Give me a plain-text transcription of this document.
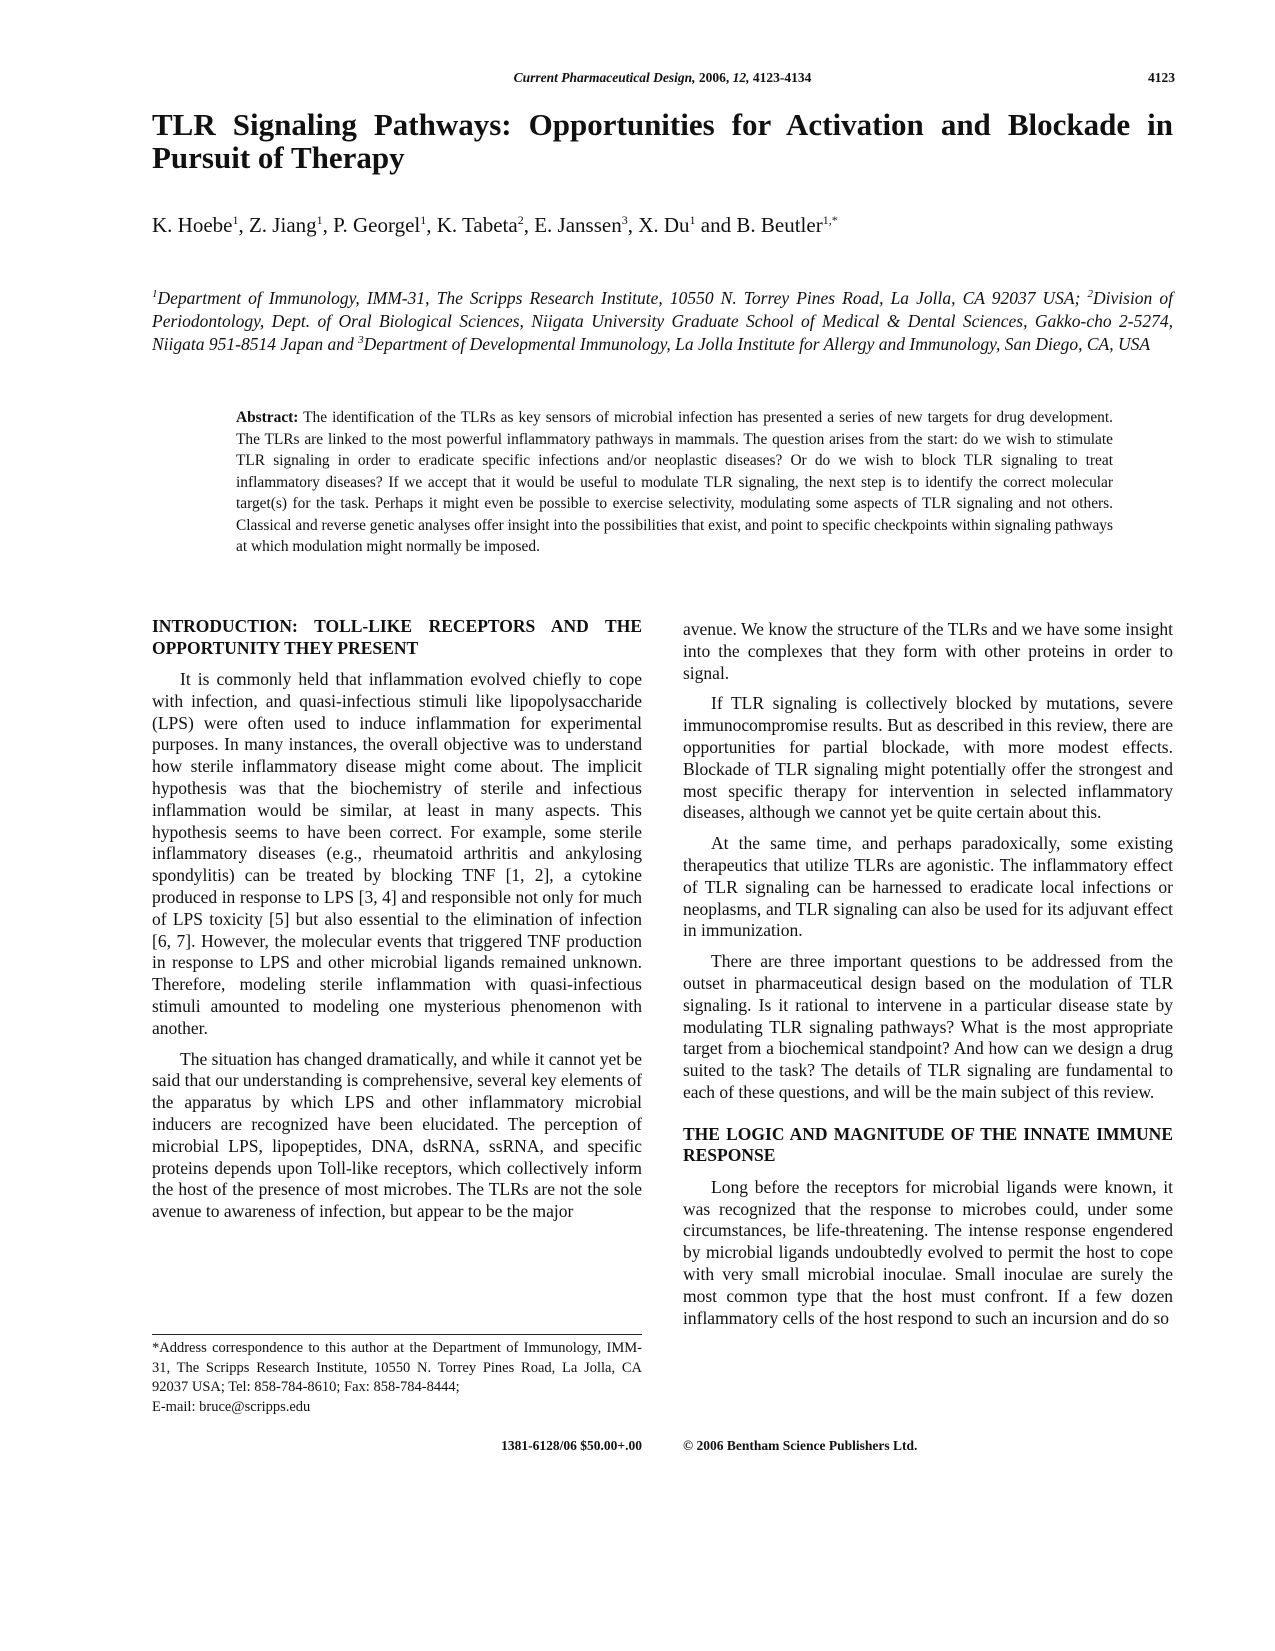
Current Pharmaceutical Design, 2006, 12, 4123-4134	4123
TLR Signaling Pathways: Opportunities for Activation and Blockade in Pursuit of Therapy
K. Hoebe$^1$, Z. Jiang$^1$, P. Georgel$^1$, K. Tabeta$^2$, E. Janssen$^3$, X. Du$^1$ and B. Beutler$^{1,*}$
$^1$Department of Immunology, IMM-31, The Scripps Research Institute, 10550 N. Torrey Pines Road, La Jolla, CA 92037 USA; $^2$Division of Periodontology, Dept. of Oral Biological Sciences, Niigata University Graduate School of Medical & Dental Sciences, Gakko-cho 2-5274, Niigata 951-8514 Japan and $^3$Department of Developmental Immunology, La Jolla Institute for Allergy and Immunology, San Diego, CA, USA

Abstract: The identification of the TLRs as key sensors of microbial infection has presented a series of new targets for drug development. The TLRs are linked to the most powerful inflammatory pathways in mammals. The question arises from the start: do we wish to stimulate TLR signaling in order to eradicate specific infections and/or neoplastic diseases? Or do we wish to block TLR signaling to treat inflammatory diseases? If we accept that it would be useful to modulate TLR signaling, the next step is to identify the correct molecular target(s) for the task. Perhaps it might even be possible to exercise selectivity, modulating some aspects of TLR signaling and not others. Classical and reverse genetic analyses offer insight into the possibilities that exist, and point to specific checkpoints within signaling pathways at which modulation might normally be imposed.

INTRODUCTION: TOLL-LIKE RECEPTORS AND THE OPPORTUNITY THEY PRESENT

It is commonly held that inflammation evolved chiefly to cope with infection, and quasi-infectious stimuli like lipopolysaccharide (LPS) were often used to induce inflammation for experimental purposes. In many instances, the overall objective was to understand how sterile inflammatory disease might come about. The implicit hypothesis was that the biochemistry of sterile and infectious inflammation would be similar, at least in many aspects. This hypothesis seems to have been correct. For example, some sterile inflammatory diseases (e.g., rheumatoid arthritis and ankylosing spondylitis) can be treated by blocking TNF [1, 2], a cytokine produced in response to LPS [3, 4] and responsible not only for much of LPS toxicity [5] but also essential to the elimination of infection [6, 7]. However, the molecular events that triggered TNF production in response to LPS and other microbial ligands remained unknown. Therefore, modeling sterile inflammation with quasi-infectious stimuli amounted to modeling one mysterious phenomenon with another.

The situation has changed dramatically, and while it cannot yet be said that our understanding is comprehensive, several key elements of the apparatus by which LPS and other inflammatory microbial inducers are recognized have been elucidated. The perception of microbial LPS, lipopeptides, DNA, dsRNA, ssRNA, and specific proteins depends upon Toll-like receptors, which collectively inform the host of the presence of most microbes. The TLRs are not the sole avenue to awareness of infection, but appear to be the major

avenue. We know the structure of the TLRs and we have some insight into the complexes that they form with other proteins in order to signal.

If TLR signaling is collectively blocked by mutations, severe immunocompromise results. But as described in this review, there are opportunities for partial blockade, with more modest effects. Blockade of TLR signaling might potentially offer the strongest and most specific therapy for intervention in selected inflammatory diseases, although we cannot yet be quite certain about this.

At the same time, and perhaps paradoxically, some existing therapeutics that utilize TLRs are agonistic. The inflammatory effect of TLR signaling can be harnessed to eradicate local infections or neoplasms, and TLR signaling can also be used for its adjuvant effect in immunization.

There are three important questions to be addressed from the outset in pharmaceutical design based on the modulation of TLR signaling. Is it rational to intervene in a particular disease state by modulating TLR signaling pathways? What is the most appropriate target from a biochemical standpoint? And how can we design a drug suited to the task? The details of TLR signaling are fundamental to each of these questions, and will be the main subject of this review.

THE LOGIC AND MAGNITUDE OF THE INNATE IMMUNE RESPONSE

Long before the receptors for microbial ligands were known, it was recognized that the response to microbes could, under some circumstances, be life-threatening. The intense response engendered by microbial ligands undoubtedly evolved to permit the host to cope with very small microbial inoculae. Small inoculae are surely the most common type that the host must confront. If a few dozen inflammatory cells of the host respond to such an incursion and do so

*Address correspondence to this author at the Department of Immunology, IMM-31, The Scripps Research Institute, 10550 N. Torrey Pines Road, La Jolla, CA 92037 USA; Tel: 858-784-8610; Fax: 858-784-8444;
E-mail: bruce@scripps.edu
1381-6128/06 $50.00+.00	© 2006 Bentham Science Publishers Ltd.
